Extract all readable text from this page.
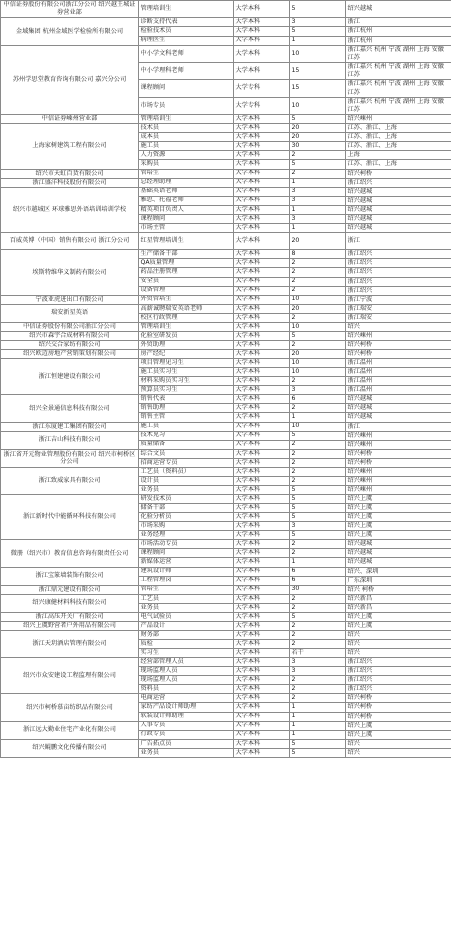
中信证券股份有限公司浙江分公司 绍兴越王城证券营业部	管理培训生	大学本科	5	绍兴越城
金域集团 杭州金域医学检验所有限公司	诊断支持代表	大学本科	3	浙江
	检验技术员	大学本科	5	浙江杭州
	病理医生	大学本科	1	浙江杭州
苏州学思堂教育咨询有限公司 嘉兴分公司	中小学文科老师	大学本科	10	浙江嘉兴 杭州 宁波 湖州 上海 安徽 江苏
	中小学理科老师	大学本科	15	浙江嘉兴 杭州 宁波 湖州 上海 安徽 江苏
	课程顾问	大学专科	15	浙江嘉兴 杭州 宁波 湖州 上海 安徽 江苏
	市场专员	大学专科	10	浙江嘉兴 杭州 宁波 湖州 上海 安徽 江苏
中信证券嵊州营业部	管理培训生	大学本科	5	绍兴嵊州
上海家树建筑工程有限公司	技术员	大学本科	20	江苏、浙江、上海
	成本员	大学本科	20	江苏、浙江、上海
	施工员	大学本科	30	江苏、浙江、上海
	人力资源	大学本科	2	上海
	采购员	大学本科	5	江苏、浙江、上海
绍兴市天虹百货有限公司	管培生	大学本科	2	绍兴柯桥
浙江盛洋科技股份有限公司	总经理助理	大学本科	1	浙江绍兴
绍兴市越城区 环球雅思外语培训培训学校	基础英语老师	大学本科	3	绍兴越城
	雅思、托福老师	大学本科	3	绍兴越城
	精英项目负责人	大学本科	1	绍兴越城
	课程顾问	大学本科	3	绍兴越城
	市场主管	大学本科	1	绍兴越城
百威英博（中国）销售有限公司 浙江分公司	红星管理培训生	大学本科	20	浙江
埃斯特维华义制药有限公司	生产储备干部	大学本科	8	浙江绍兴
	QA质量管理	大学本科	2	浙江绍兴
	药品注册管理	大学本科	2	浙江绍兴
	安全员	大学本科	2	浙江绍兴
	设备管理	大学本科	2	浙江绍兴
宁波亚虎进出口有限公司	外贸管培生	大学本科	10	浙江宁波
瑞安新星英语	高薪诚聘瑞安英语老师	大学本科	20	浙江瑞安
	校区行政管理	大学本科	2	浙江瑞安
中信证券股份有限公司浙江分公司	管理培训生	大学本科	10	绍兴
绍兴市森宇合成材料有限公司	化验室研发员	大学本科	5	绍兴嵊州
绍兴交合家纺有限公司	外贸助理	大学本科	2	绍兴柯桥
绍兴欧迈房地产营销策划有限公司	房产经纪	大学本科	20	绍兴柯桥
浙江恒建建设有限公司	项目管理见习生	大学本科	10	浙江温州
	施工员实习生	大学本科	10	浙江温州
	材料采购员实习生	大学本科	2	浙江温州
	预算员实习生	大学本科	3	浙江温州
绍兴全景通信息科技有限公司	销售代表	大学本科	6	绍兴越城
	销售助理	大学本科	2	绍兴越城
	销售主管	大学本科	1	绍兴越城
浙江东厦建工集团有限公司	施工员	大学本科	10	浙江
浙江吉山科技有限公司	技术见习	大学本科	5	绍兴嵊州
	质量储备	大学本科	2	绍兴嵊州
浙江省开元物业管理股份有限公司 绍兴市柯桥区分公司	综合文员	大学本科	2	绍兴柯桥
	招商运营专员	大学本科	2	绍兴柯桥
浙江致威家具有限公司	工艺员（资料员）	大学本科	2	绍兴嵊州
	设计员	大学本科	2	绍兴嵊州
	业务员	大学本科	5	绍兴嵊州
浙江新时代中能循环科技有限公司	研发技术员	大学本科	5	绍兴上虞
	储备干部	大学本科	5	绍兴上虞
	化验分析员	大学本科	5	绍兴上虞
	市场采购	大学本科	3	绍兴上虞
	业务经理	大学本科	5	绍兴上虞
微册（绍兴市）教育信息咨询有限责任公司	市场活动专员	大学本科	2	绍兴越城
	课程顾问	大学本科	2	绍兴越城
	新媒体运营	大学本科	1	绍兴越城
浙江宝篆墙装饰有限公司	建筑设计师	大学本科	6	绍兴、深圳
	工程管理岗	大学本科	6	广东深圳
浙江鼎元建设有限公司	管培生	大学本科	30	绍兴 柯桥
绍兴康健材料科技有限公司	工艺员	大学本科	2	绍兴新昌
	业务员	大学本科	2	绍兴新昌
浙江高压开关厂有限公司	电气试验员	大学本科	5	绍兴上虞
绍兴上虞野营者户外用品有限公司	产品设计	大学本科	2	绍兴上虞
浙江天玥酒店管理有限公司	财务部	大学本科	2	绍兴
	质检	大学本科	2	绍兴
	实习生	大学本科	若干	绍兴
绍兴市众安建设工程监理有限公司	经营部管理人员	大学本科	3	浙江绍兴
	现场监理人员	大学本科	3	浙江绍兴
	现场监理人员	大学本科	2	浙江绍兴
	资料员	大学本科	2	浙江绍兴
绍兴市柯桥慕亩纺织品有限公司	电商运营	大学本科	2	绍兴柯桥
	家纺产品设计师助理	大学本科	1	绍兴柯桥
	软装设计师助理	大学本科	1	绍兴柯桥
浙江远大勤业住宅产业化有限公司	人事专员	大学本科	1	绍兴上虞
	行政专员	大学本科	1	绍兴上虞
绍兴鲲鹏文化传播有限公司	广告拓点员	大学本科	5	绍兴
	业务员	大学本科	5	绍兴
